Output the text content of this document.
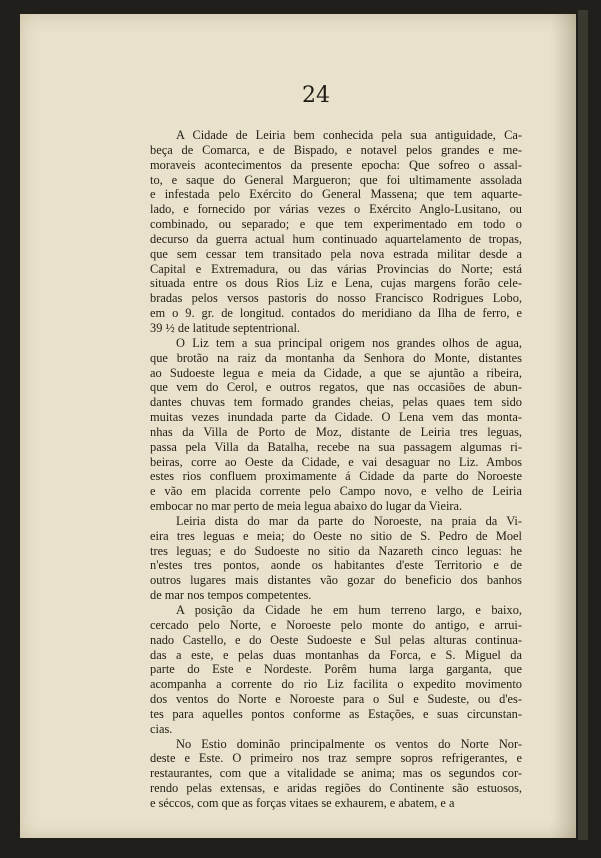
24
A Cidade de Leiria bem conhecida pela sua antiguidade, Ca-
beça de Comarca, e de Bispado, e notavel pelos grandes e me-
moraveis acontecimentos da presente epocha: Que sofreo o assal-
to, e saque do General Margueron; que foi ultimamente assolada
e infestada pelo Exército do General Massena; que tem aquarte-
lado, e fornecido por várias vezes o Exército Anglo-Lusitano, ou
combinado, ou separado; e que tem experimentado em todo o
decurso da guerra actual hum continuado aquartelamento de tropas,
que sem cessar tem transitado pela nova estrada militar desde a
Capital e Extremadura, ou das várias Provincias do Norte; está
situada entre os dous Rios Liz e Lena, cujas margens forão cele-
bradas pelos versos pastoris do nosso Francisco Rodrigues Lobo,
em o 9. gr. de longitud. contados do meridiano da Ilha de ferro, e
39 ½ de latitude septentrional.
O Liz tem a sua principal origem nos grandes olhos de agua,
que brotão na raiz da montanha da Senhora do Monte, distantes
ao Sudoeste legua e meia da Cidade, a que se ajuntão a ribeira,
que vem do Cerol, e outros regatos, que nas occasiões de abun-
dantes chuvas tem formado grandes cheias, pelas quaes tem sido
muitas vezes inundada parte da Cidade. O Lena vem das monta-
nhas da Villa de Porto de Moz, distante de Leiria tres leguas,
passa pela Villa da Batalha, recebe na sua passagem algumas ri-
beiras, corre ao Oeste da Cidade, e vai desaguar no Liz. Ambos
estes rios confluem proximamente á Cidade da parte do Noroeste
e vão em placida corrente pelo Campo novo, e velho de Leiria
embocar no mar perto de meia legua abaixo do lugar da Vieira.
Leiria dista do mar da parte do Noroeste, na praia da Vi-
eira tres leguas e meia; do Oeste no sitio de S. Pedro de Moel
tres leguas; e do Sudoeste no sitio da Nazareth cinco leguas: he
n'estes tres pontos, aonde os habitantes d'este Territorio e de
outros lugares mais distantes vão gozar do beneficio dos banhos
de mar nos tempos competentes.
A posição da Cidade he em hum terreno largo, e baixo,
cercado pelo Norte, e Noroeste pelo monte do antigo, e arrui-
nado Castello, e do Oeste Sudoeste e Sul pelas alturas continua-
das a este, e pelas duas montanhas da Forca, e S. Miguel da
parte do Este e Nordeste. Porêm huma larga garganta, que
acompanha a corrente do rio Liz facilita o expedito movimento
dos ventos do Norte e Noroeste para o Sul e Sudeste, ou d'es-
tes para aquelles pontos conforme as Estações, e suas circunstan-
cias.
No Estio dominão principalmente os ventos do Norte Nor-
deste e Este. O primeiro nos traz sempre sopros refrigerantes, e
restaurantes, com que a vitalidade se anima; mas os segundos cor-
rendo pelas extensas, e aridas regiões do Continente são estuosos,
e séccos, com que as forças vitaes se exhaurem, e abatem, e a
